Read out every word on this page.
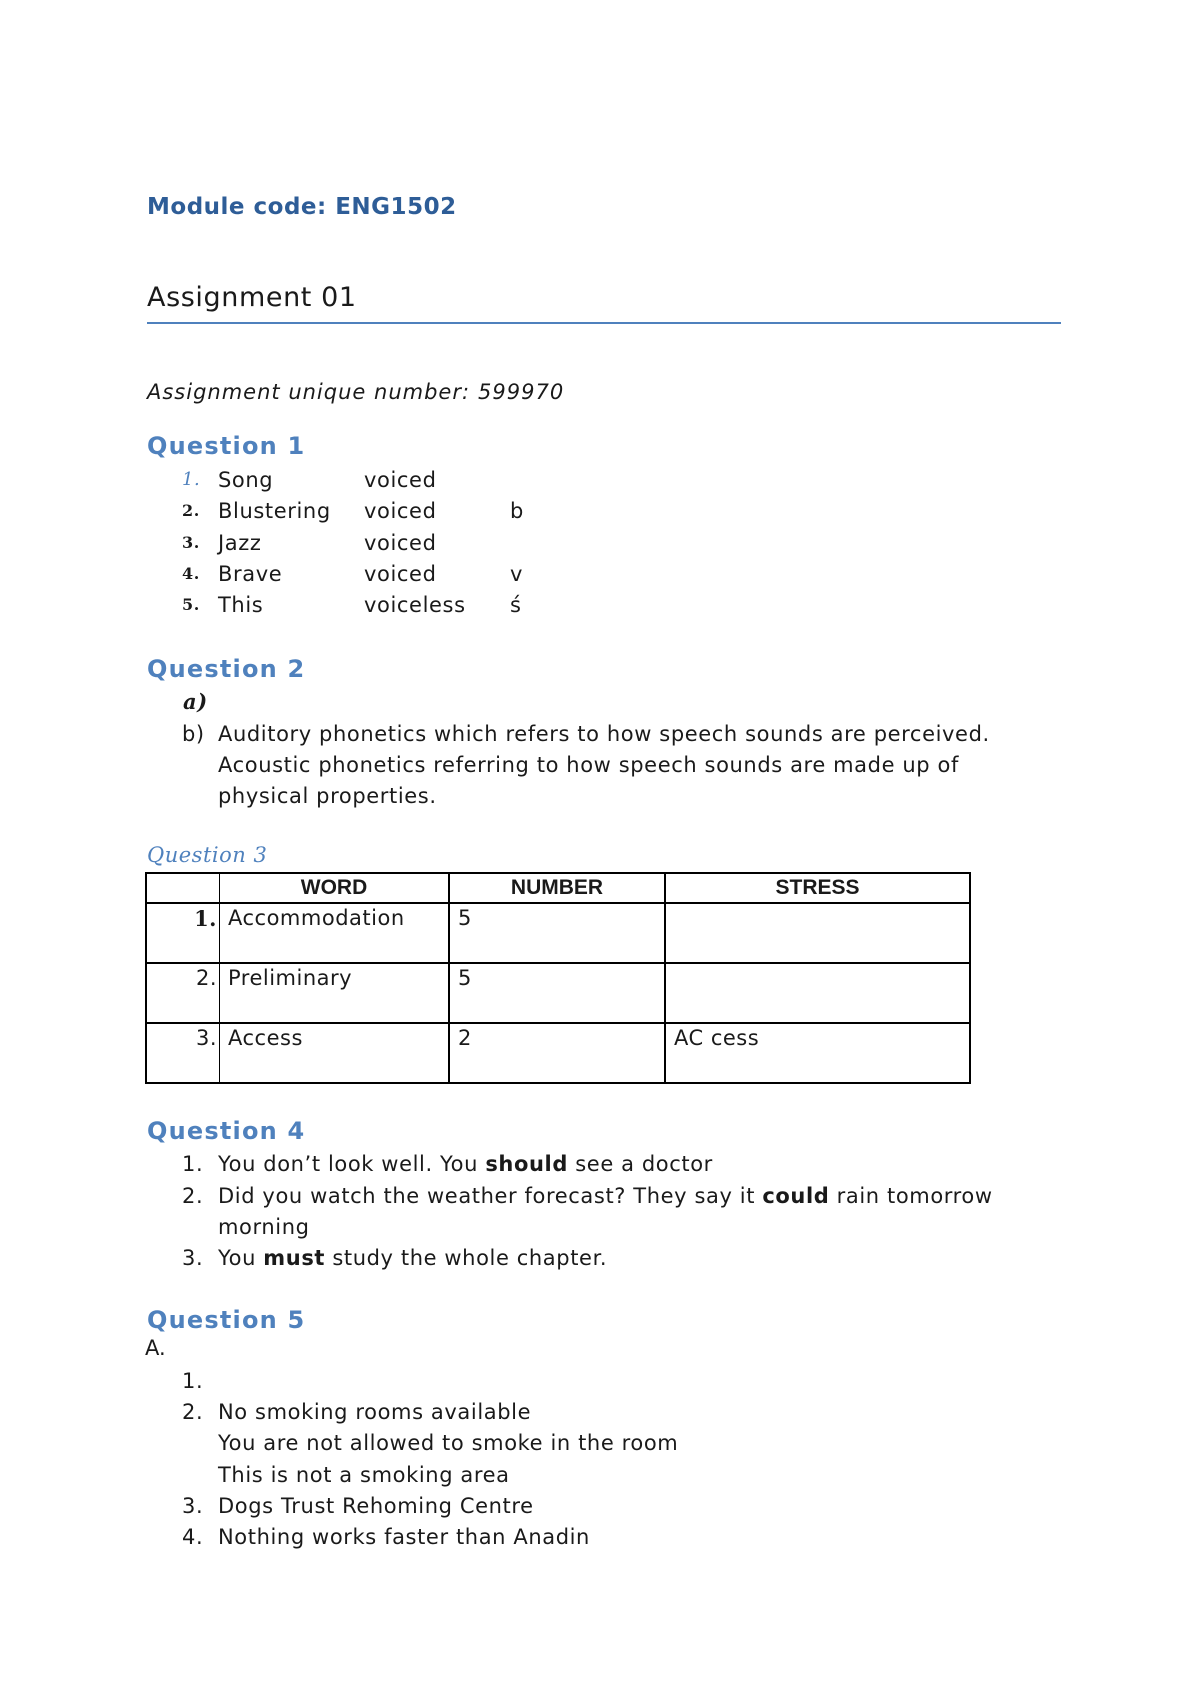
Module code: ENG1502
Assignment 01

Assignment unique number: 599970

Question 1
1. Song	voiced
2. Blustering voiced	b
3. Jazz	voiced
4. Brave	voiced	v
5. This	voiceless ś
Question 2
a)
b) Auditory phonetics which refers to how speech sounds are perceived.
Acoustic phonetics referring to how speech sounds are made up of
physical properties.
Question 3
	WORD	NUMBER	STRESS
1.	Accommodation	5	
2.	Preliminary	5	
3.	Access	2	AC cess
Question 4
1. You don’t look well. You should see a doctor
2. Did you watch the weather forecast? They say it could rain tomorrow
morning
3. You must study the whole chapter.
Question 5
A.
1.
2. No smoking rooms available
You are not allowed to smoke in the room
This is not a smoking area
3. Dogs Trust Rehoming Centre
4. Nothing works faster than Anadin
